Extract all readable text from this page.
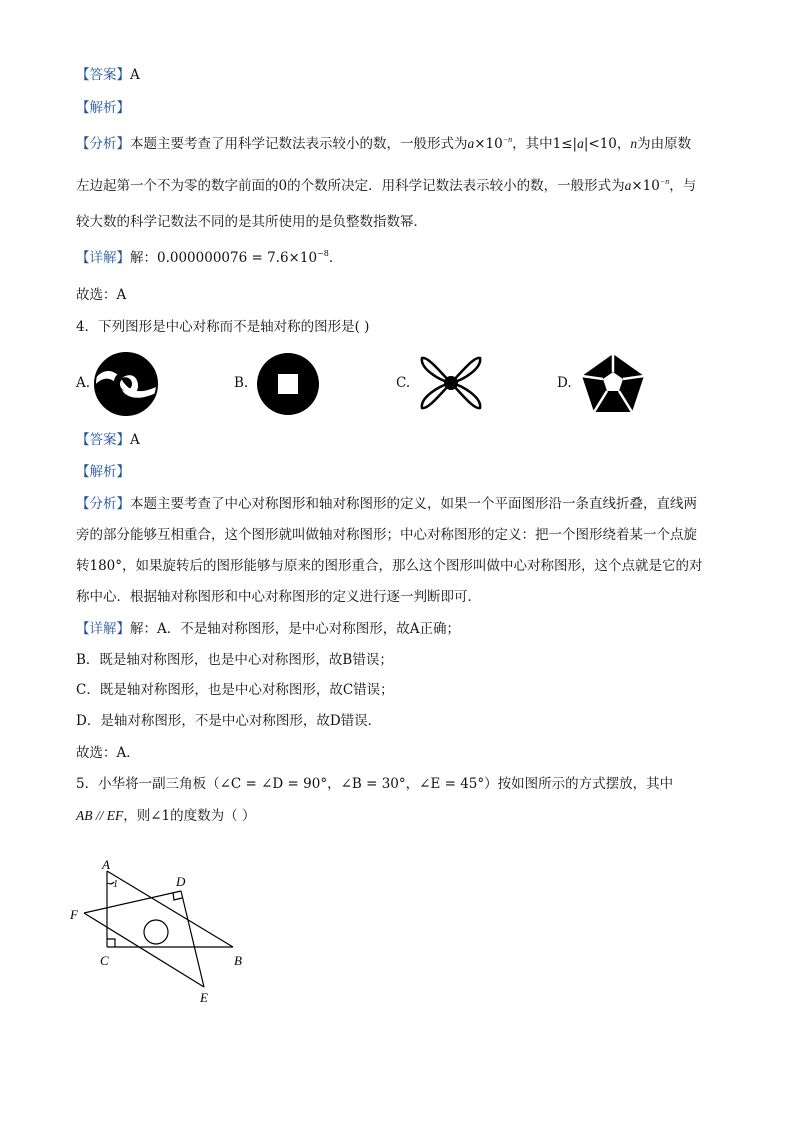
【答案】A
【解析】
【分析】本题主要考查了用科学记数法表示较小的数，一般形式为$a\times 10^{-n}$，其中1≤|a|<10，n为由原数
左边起第一个不为零的数字前面的0的个数所决定．用科学记数法表示较小的数，一般形式为$a\times 10^{-n}$，与
较大数的科学记数法不同的是其所使用的是负整数指数幂．
【详解】解：$0.000000076 = 7.6\times 10^{-8}$．
故选：A
4．下列图形是中心对称而不是轴对称的图形是( )
A.	B.	C.	D.
【答案】A
【解析】
【分析】本题主要考查了中心对称图形和轴对称图形的定义，如果一个平面图形沿一条直线折叠，直线两
旁的部分能够互相重合，这个图形就叫做轴对称图形；中心对称图形的定义：把一个图形绕着某一个点旋
转180°，如果旋转后的图形能够与原来的图形重合，那么这个图形叫做中心对称图形，这个点就是它的对
称中心．根据轴对称图形和中心对称图形的定义进行逐一判断即可．
【详解】解：A．不是轴对称图形，是中心对称图形，故A正确；
B．既是轴对称图形，也是中心对称图形，故B错误；
C．既是轴对称图形，也是中心对称图形，故C错误；
D．是轴对称图形，不是中心对称图形，故D错误．
故选：A．
5．小华将一副三角板（∠C = ∠D = 90°，∠B = 30°，∠E = 45°）按如图所示的方式摆放，其中
AB // EF，则∠1的度数为（ ）
A
B
C
D
E
F
1
